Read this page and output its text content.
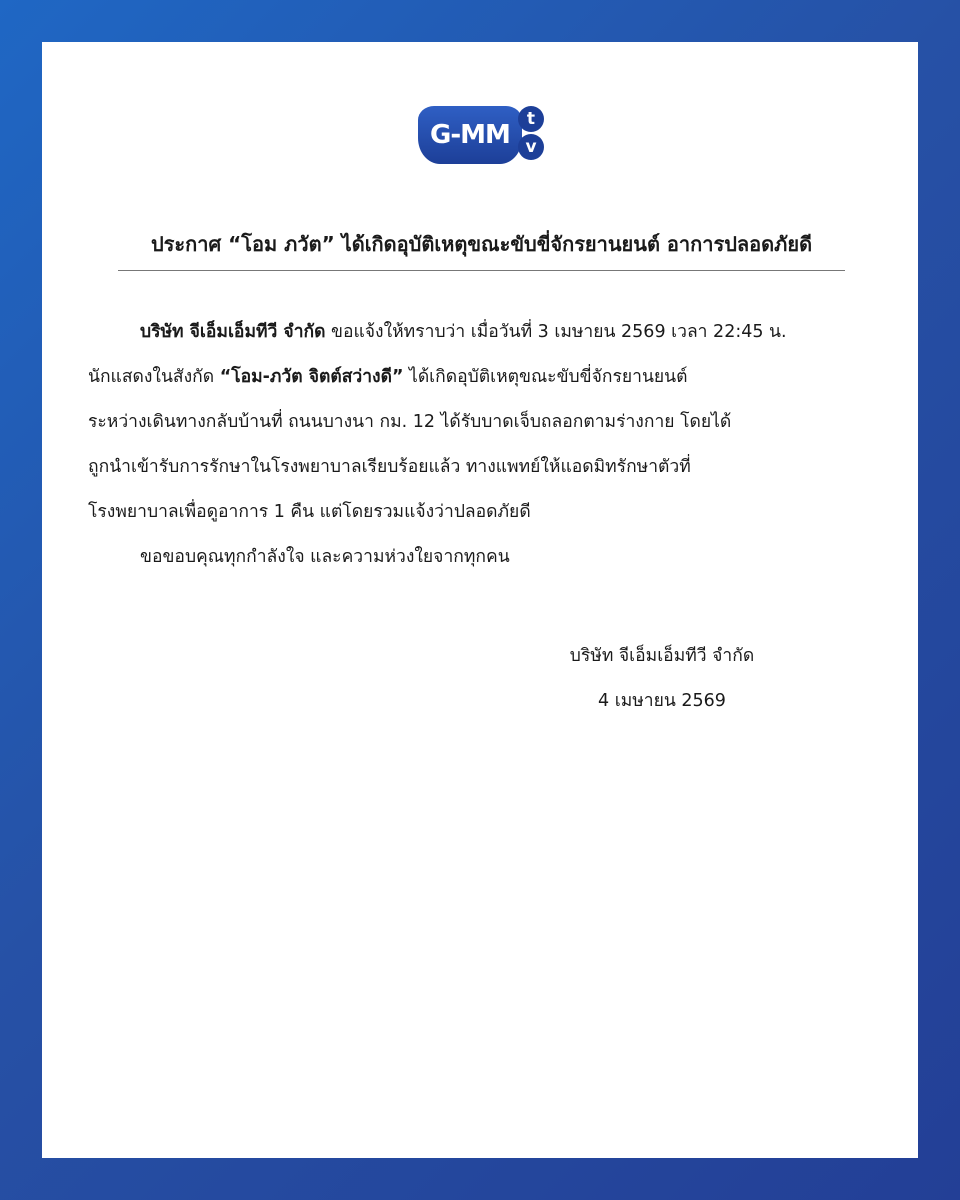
G-MM
t
v
ประกาศ “โอม ภวัต” ได้เกิดอุบัติเหตุขณะขับขี่จักรยานยนต์ อาการปลอดภัยดี
บริษัท จีเอ็มเอ็มทีวี จำกัด ขอแจ้งให้ทราบว่า เมื่อวันที่ 3 เมษายน 2569 เวลา 22:45 น.
นักแสดงในสังกัด “โอม-ภวัต จิตต์สว่างดี” ได้เกิดอุบัติเหตุขณะขับขี่จักรยานยนต์
ระหว่างเดินทางกลับบ้านที่ ถนนบางนา กม. 12 ได้รับบาดเจ็บถลอกตามร่างกาย โดยได้
ถูกนำเข้ารับการรักษาในโรงพยาบาลเรียบร้อยแล้ว ทางแพทย์ให้แอดมิทรักษาตัวที่
โรงพยาบาลเพื่อดูอาการ 1 คืน แต่โดยรวมแจ้งว่าปลอดภัยดี
ขอขอบคุณทุกกำลังใจ และความห่วงใยจากทุกคน
บริษัท จีเอ็มเอ็มทีวี จำกัด
4 เมษายน 2569
